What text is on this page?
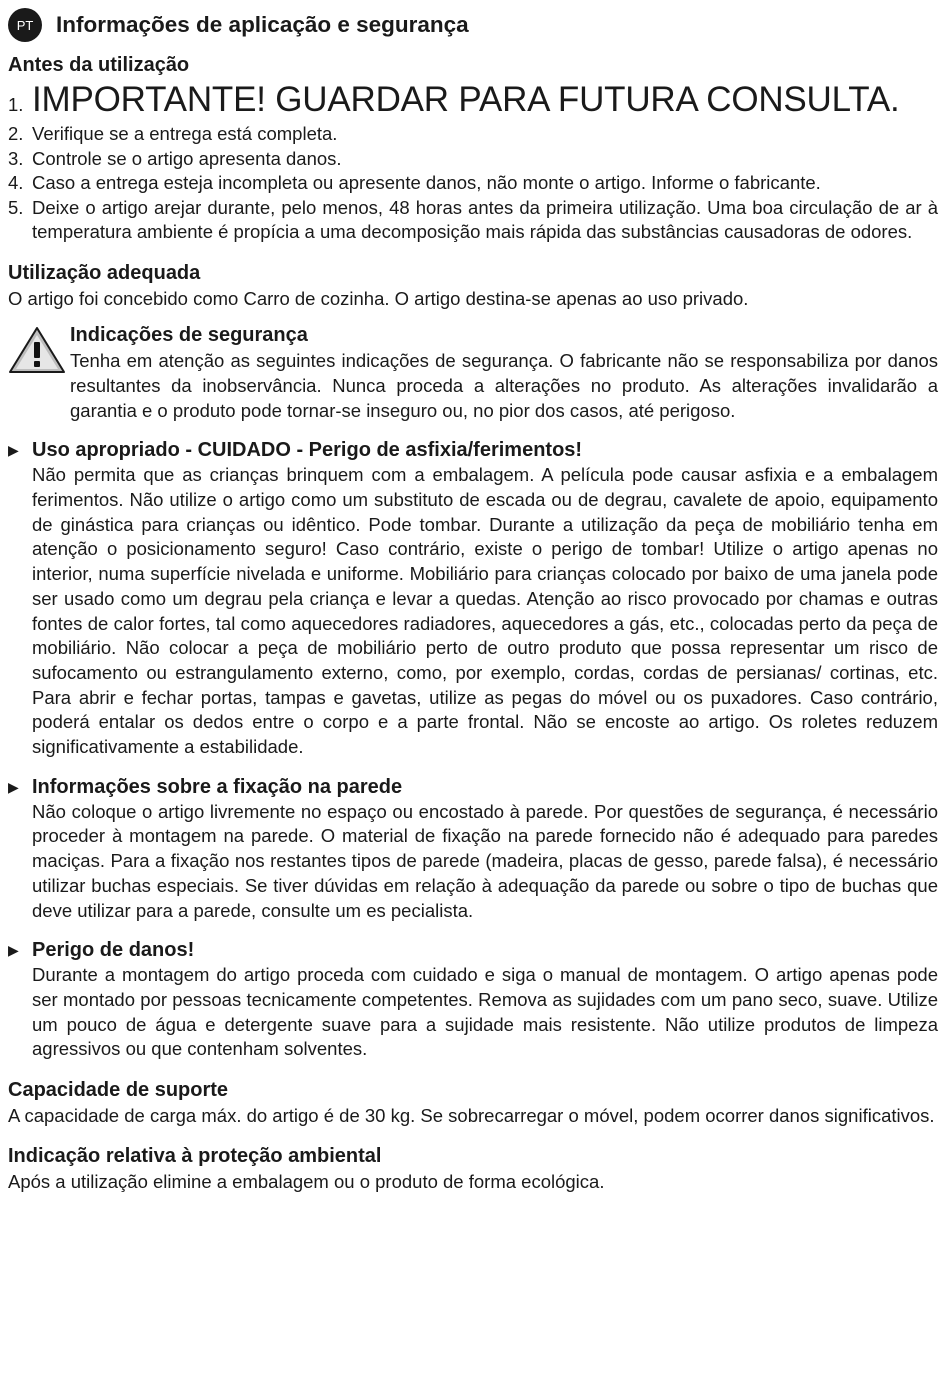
PT	Informações de aplicação e segurança
Antes da utilização
1. IMPORTANTE! GUARDAR PARA FUTURA CONSULTA.
2. Verifique se a entrega está completa.
3. Controle se o artigo apresenta danos.
4. Caso a entrega esteja incompleta ou apresente danos, não monte o artigo. Informe o fabricante.
5. Deixe o artigo arejar durante, pelo menos, 48 horas antes da primeira utilização. Uma boa circulação de ar à temperatura ambiente é propícia a uma decomposição mais rápida das substâncias causadoras de odores.
Utilização adequada

O artigo foi concebido como Carro de cozinha. O artigo destina-se apenas ao uso privado.

Indicações de segurança

Tenha em atenção as seguintes indicações de segurança. O fabricante não se responsabiliza por danos resultantes da inobservância. Nunca proceda a alterações no produto. As alterações invalidarão a garantia e o produto pode tornar-se inseguro ou, no pior dos casos, até perigoso.

▶ Uso apropriado - CUIDADO - Perigo de asfixia/ferimentos!

Não permita que as crianças brinquem com a embalagem. A película pode causar asfixia e a embalagem ferimentos. Não utilize o artigo como um substituto de escada ou de degrau, cavalete de apoio, equipamento de ginástica para crianças ou idêntico. Pode tombar. Durante a utilização da peça de mobiliário tenha em atenção o posicionamento seguro! Caso contrário, existe o perigo de tombar! Utilize o artigo apenas no interior, numa superfície nivelada e uniforme. Mobiliário para crianças colocado por baixo de uma janela pode ser usado como um degrau pela criança e levar a quedas. Atenção ao risco provocado por chamas e outras fontes de calor fortes, tal como aquecedores radiadores, aquecedores a gás, etc., colocadas perto da peça de mobiliário. Não colocar a peça de mobiliário perto de outro produto que possa representar um risco de sufocamento ou estrangulamento externo, como, por exemplo, cordas, cordas de persianas/ cortinas, etc. Para abrir e fechar portas, tampas e gavetas, utilize as pegas do móvel ou os puxadores. Caso contrário, poderá entalar os dedos entre o corpo e a parte frontal. Não se encoste ao artigo. Os roletes reduzem significativamente a estabilidade.

▶ Informações sobre a fixação na parede

Não coloque o artigo livremente no espaço ou encostado à parede. Por questões de segurança, é necessário proceder à montagem na parede. O material de fixação na parede fornecido não é adequado para paredes maciças. Para a fixação nos restantes tipos de parede (madeira, placas de gesso, parede falsa), é necessário utilizar buchas especiais. Se tiver dúvidas em relação à adequação da parede ou sobre o tipo de buchas que deve utilizar para a parede, consulte um es pecialista.

▶ Perigo de danos!

Durante a montagem do artigo proceda com cuidado e siga o manual de montagem. O artigo apenas pode ser montado por pessoas tecnicamente competentes. Remova as sujidades com um pano seco, suave. Utilize um pouco de água e detergente suave para a sujidade mais resistente. Não utilize produtos de limpeza agressivos ou que contenham solventes.

Capacidade de suporte

A capacidade de carga máx. do artigo é de 30 kg. Se sobrecarregar o móvel, podem ocorrer danos significativos.

Indicação relativa à proteção ambiental

Após a utilização elimine a embalagem ou o produto de forma ecológica.
